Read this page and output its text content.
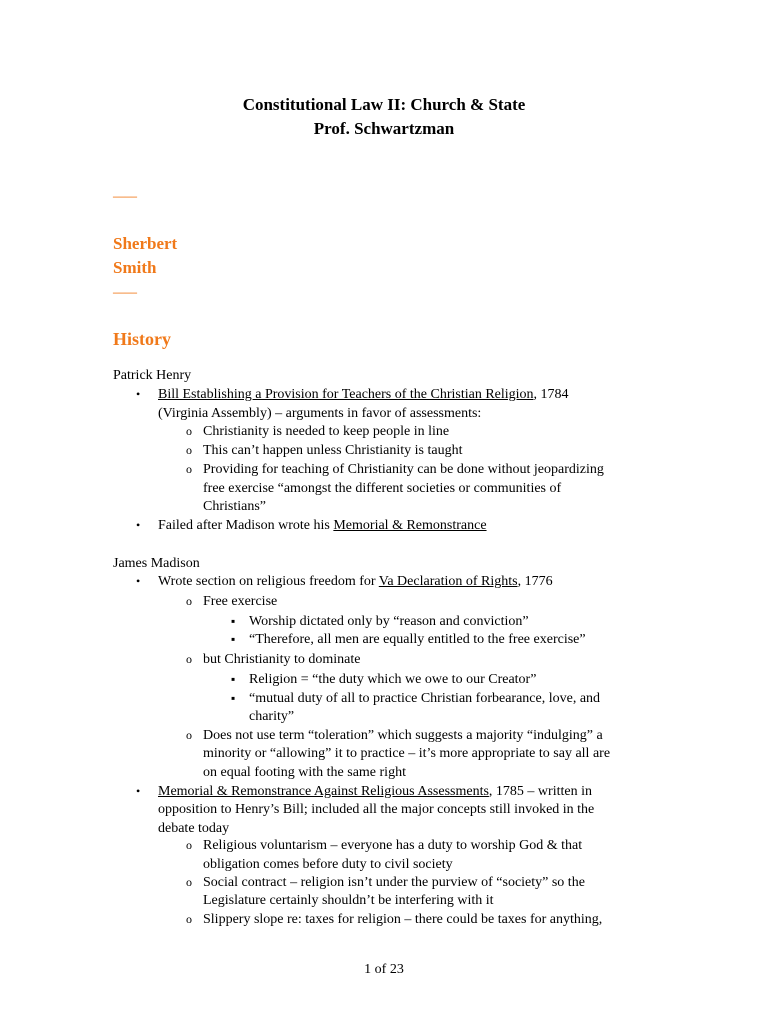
Constitutional Law II: Church & State
Prof. Schwartzman
____
Sherbert
Smith
____
History
Patrick Henry
• Bill Establishing a Provision for Teachers of the Christian Religion, 1784
(Virginia Assembly) – arguments in favor of assessments:
o Christianity is needed to keep people in line
o This can’t happen unless Christianity is taught
o Providing for teaching of Christianity can be done without jeopardizing
free exercise “amongst the different societies or communities of
Christians”
• Failed after Madison wrote his Memorial & Remonstrance
James Madison
• Wrote section on religious freedom for Va Declaration of Rights, 1776
o Free exercise
▪ Worship dictated only by “reason and conviction”
▪ “Therefore, all men are equally entitled to the free exercise”
o but Christianity to dominate
▪ Religion = “the duty which we owe to our Creator”
▪ “mutual duty of all to practice Christian forbearance, love, and
charity”
o Does not use term “toleration” which suggests a majority “indulging” a
minority or “allowing” it to practice – it’s more appropriate to say all are
on equal footing with the same right
• Memorial & Remonstrance Against Religious Assessments, 1785 – written in
opposition to Henry’s Bill; included all the major concepts still invoked in the
debate today
o Religious voluntarism – everyone has a duty to worship God & that
obligation comes before duty to civil society
o Social contract – religion isn’t under the purview of “society” so the
Legislature certainly shouldn’t be interfering with it
o Slippery slope re: taxes for religion – there could be taxes for anything,
1 of 23
